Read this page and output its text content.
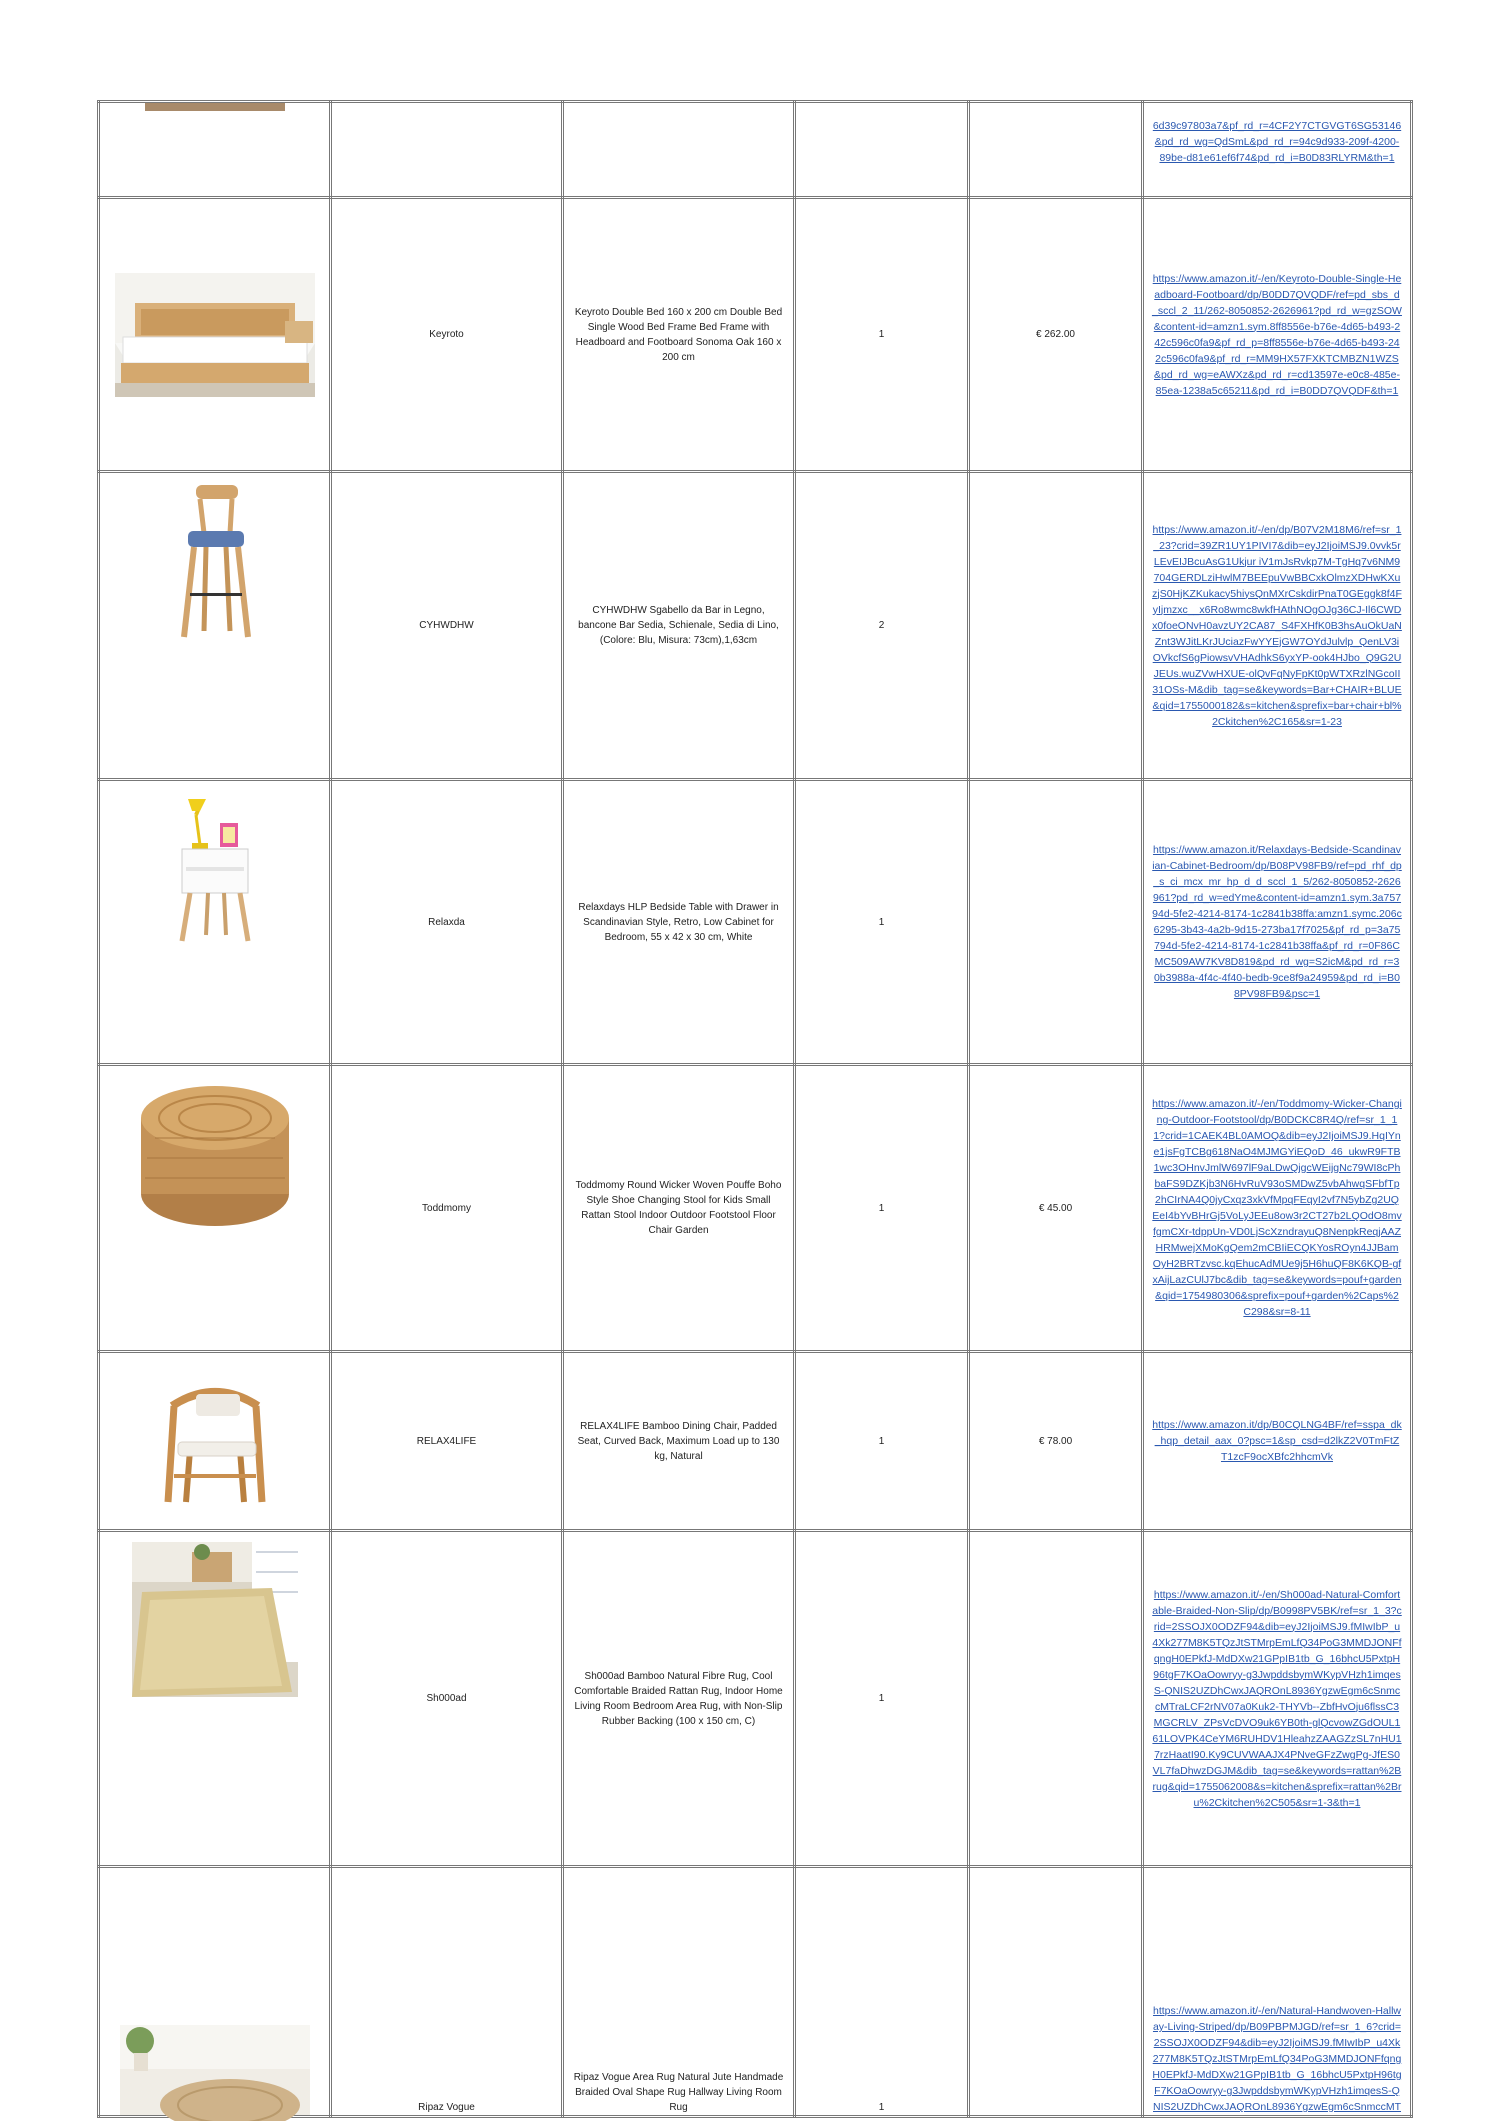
					6d39c97803a7&pf_rd_r=4CF2Y7CTGVGT6SG53146&pd_rd_wg=QdSmL&pd_rd_r=94c9d933-209f-4200-89be-d81e61ef6f74&pd_rd_i=B0D83RLYRM&th=1

	Keyroto	Keyroto Double Bed 160 x 200 cm Double Bed Single Wood Bed Frame Bed Frame with Headboard and Footboard Sonoma Oak 160 x 200 cm	1	€ 262.00	https://www.amazon.it/-/en/Keyroto-Double-Single-Headboard-Footboard/dp/B0DD7QVQDF/ref=pd_sbs_d_sccl_2_11/262-8050852-2626961?pd_rd_w=gzSOW&content-id=amzn1.sym.8ff8556e-b76e-4d65-b493-242c596c0fa9&pf_rd_p=8ff8556e-b76e-4d65-b493-242c596c0fa9&pf_rd_r=MM9HX57FXKTCMBZN1WZS&pd_rd_wg=eAWXz&pd_rd_r=cd13597e-e0c8-485e-85ea-1238a5c65211&pd_rd_i=B0DD7QVQDF&th=1

	CYHWDHW	CYHWDHW Sgabello da Bar in Legno, bancone Bar Sedia, Schienale, Sedia di Lino, (Colore: Blu, Misura: 73cm),1,63cm	2		https://www.amazon.it/-/en/dp/B07V2M18M6/ref=sr_1_23?crid=39ZR1UY1PIVI7&dib=eyJ2IjoiMSJ9.0vvk5rLEvEIJBcuAsG1Ukjur iV1mJsRvkp7M-TgHq7v6NM9704GERDLziHwlM7BEEpuVwBBCxkOlmzXDHwKXuzjS0HjKZKukacy5hiysQnMXrCskdirPnaT0GEggk8f4FyIjmzxc__x6Ro8wmc8wkfHAthNOgOJg36CJ-Il6CWDx0foeONvH0avzUY2CA87_S4FXHfK0B3hsAuOkUaNZnt3WJitLKrJUciazFwYYEjGW7OYdJulvlp_QenLV3iOVkcfS6gPiowsvVHAdhkS6yxYP-ook4HJbo_Q9G2UJEUs.wuZVwHXUE-olQvFqNyFpKt0pWTXRzlNGcoII31OSs-M&dib_tag=se&keywords=Bar+CHAIR+BLUE&qid=1755000182&s=kitchen&sprefix=bar+chair+bl%2Ckitchen%2C165&sr=1-23

	Relaxda	Relaxdays HLP Bedside Table with Drawer in Scandinavian Style, Retro, Low Cabinet for Bedroom, 55 x 42 x 30 cm, White	1		https://www.amazon.it/Relaxdays-Bedside-Scandinavian-Cabinet-Bedroom/dp/B08PV98FB9/ref=pd_rhf_dp_s_ci_mcx_mr_hp_d_d_sccl_1_5/262-8050852-2626961?pd_rd_w=edYme&content-id=amzn1.sym.3a75794d-5fe2-4214-8174-1c2841b38ffa:amzn1.symc.206c6295-3b43-4a2b-9d15-273ba17f7025&pf_rd_p=3a75794d-5fe2-4214-8174-1c2841b38ffa&pf_rd_r=0F86CMC509AW7KV8D819&pd_rd_wg=S2icM&pd_rd_r=30b3988a-4f4c-4f40-bedb-9ce8f9a24959&pd_rd_i=B08PV98FB9&psc=1

	Toddmomy	Toddmomy Round Wicker Woven Pouffe Boho Style Shoe Changing Stool for Kids Small Rattan Stool Indoor Outdoor Footstool Floor Chair Garden	1	€ 45.00	https://www.amazon.it/-/en/Toddmomy-Wicker-Changing-Outdoor-Footstool/dp/B0DCKC8R4Q/ref=sr_1_11?crid=1CAEK4BL0AMOQ&dib=eyJ2IjoiMSJ9.HqIYne1jsFgTCBg618NaO4MJMGYiEQoD_46_ukwR9FTB1wc3OHnvJmlW697lF9aLDwQjgcWEijgNc79WI8cPhbaFS9DZKjb3N6HvRuV93oSMDwZ5vbAhwqSFbfTp2hCIrNA4Q0jyCxqz3xkVfMpqFEqyI2vf7N5ybZg2UQEeI4bYvBHrGj5VoLyJEEu8ow3r2CT27b2LQOdO8mvfgmCXr-tdppUn-VD0LjScXzndrayuQ8NenpkReqjAAZHRMwejXMoKgQem2mCBIiECQKYosROyn4JJBamOyH2BRTzvsc.kqEhucAdMUe9j5H6huQF8K6KQB-gfxAijLazCUlJ7bc&dib_tag=se&keywords=pouf+garden&qid=1754980306&sprefix=pouf+garden%2Caps%2C298&sr=8-11

	RELAX4LIFE	RELAX4LIFE Bamboo Dining Chair, Padded Seat, Curved Back, Maximum Load up to 130 kg, Natural	1	€ 78.00	https://www.amazon.it/dp/B0CQLNG4BF/ref=sspa_dk_hqp_detail_aax_0?psc=1&sp_csd=d2lkZ2V0TmFtZT1zcF9ocXBfc2hhcmVk

	Sh000ad	Sh000ad Bamboo Natural Fibre Rug, Cool Comfortable Braided Rattan Rug, Indoor Home Living Room Bedroom Area Rug, with Non-Slip Rubber Backing (100 x 150 cm, C)	1		https://www.amazon.it/-/en/Sh000ad-Natural-Comfortable-Braided-Non-Slip/dp/B0998PV5BK/ref=sr_1_3?crid=2SSOJX0ODZF94&dib=eyJ2IjoiMSJ9.fMIwIbP_u4Xk277M8K5TQzJtSTMrpEmLfQ34PoG3MMDJONFfqngH0EPkfJ-MdDXw21GPpIB1tb_G_16bhcU5PxtpH96tgF7KOaOowryy-g3JwpddsbymWKypVHzh1imqesS-QNIS2UZDhCwxJAQROnL8936YgzwEgm6cSnmccMTraLCF2rNV07a0Kuk2-THYVb--ZbfHvOju6flssC3MGCRLV_ZPsVcDVO9uk6YB0th-glQcvowZGdOUL161LOVPK4CeYM6RUHDV1HleahzZAAGZzSL7nHU17rzHaatI90.Ky9CUVWAAJX4PNveGFzZwgPg-JfES0VL7faDhwzDGJM&dib_tag=se&keywords=rattan%2Brug&qid=1755062008&s=kitchen&sprefix=rattan%2Bru%2Ckitchen%2C505&sr=1-3&th=1

	Ripaz Vogue	Ripaz Vogue Area Rug Natural Jute Handmade Braided Oval Shape Rug Hallway Living Room Rug	1		https://www.amazon.it/-/en/Natural-Handwoven-Hallway-Living-Striped/dp/B09PBPMJGD/ref=sr_1_6?crid=2SSOJX0ODZF94&dib=eyJ2IjoiMSJ9.fMIwIbP_u4Xk277M8K5TQzJtSTMrpEmLfQ34PoG3MMDJONFfqngH0EPkfJ-MdDXw21GPpIB1tb_G_16bhcU5PxtpH96tgF7KOaOowryy-g3JwpddsbymWKypVHzh1imqesS-QNIS2UZDhCwxJAQROnL8936YgzwEgm6cSnmccMT
